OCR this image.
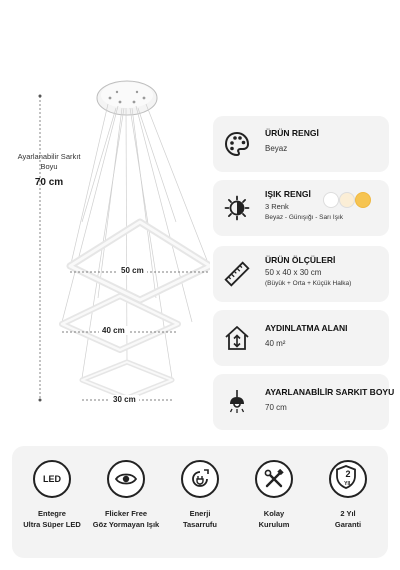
Ayarlanabilir Sarkıt Boyu
70 cm
50 cm
40 cm
30 cm
ÜRÜN RENGİ
Beyaz
IŞIK RENGİ
3 Renk
Beyaz - Günışığı - Sarı Işık
ÜRÜN ÖLÇÜLERİ
50 x 40 x 30 cm
(Büyük + Orta + Küçük Halka)
AYDINLATMA ALANI
40 m²
AYARLANABİLİR SARKIT BOYU
70 cm
LED
Entegre
Ultra Süper LED
Flicker Free
Göz Yormayan Işık
Enerji
Tasarrufu
Kolay
Kurulum
2
YIL
2 Yıl
Garanti
